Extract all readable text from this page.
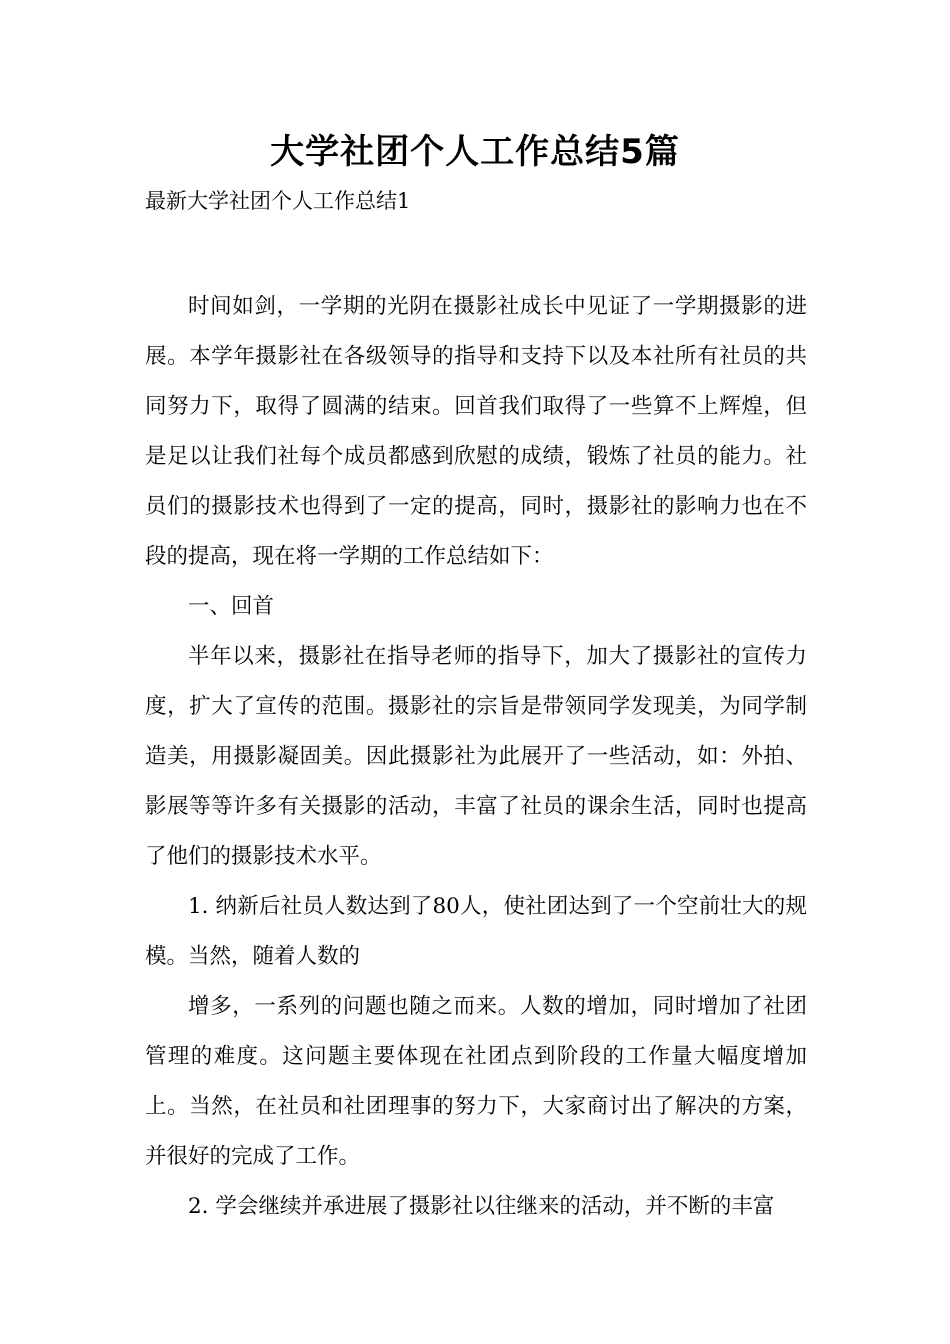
大学社团个人工作总结5篇

最新大学社团个人工作总结1

时间如剑，一学期的光阴在摄影社成长中见证了一学期摄影的进展。本学年摄影社在各级领导的指导和支持下以及本社所有社员的共同努力下，取得了圆满的结束。回首我们取得了一些算不上辉煌，但是足以让我们社每个成员都感到欣慰的成绩，锻炼了社员的能力。社员们的摄影技术也得到了一定的提高，同时，摄影社的影响力也在不段的提高，现在将一学期的工作总结如下：

一、回首

半年以来，摄影社在指导老师的指导下，加大了摄影社的宣传力度，扩大了宣传的范围。摄影社的宗旨是带领同学发现美，为同学制造美，用摄影凝固美。因此摄影社为此展开了一些活动，如：外拍、影展等等许多有关摄影的活动，丰富了社员的课余生活，同时也提高了他们的摄影技术水平。

1. 纳新后社员人数达到了80人，使社团达到了一个空前壮大的规模。当然，随着人数的

增多，一系列的问题也随之而来。人数的增加，同时增加了社团管理的难度。这问题主要体现在社团点到阶段的工作量大幅度增加上。当然，在社员和社团理事的努力下，大家商讨出了解决的方案，并很好的完成了工作。

2. 学会继续并承进展了摄影社以往继来的活动，并不断的丰富
